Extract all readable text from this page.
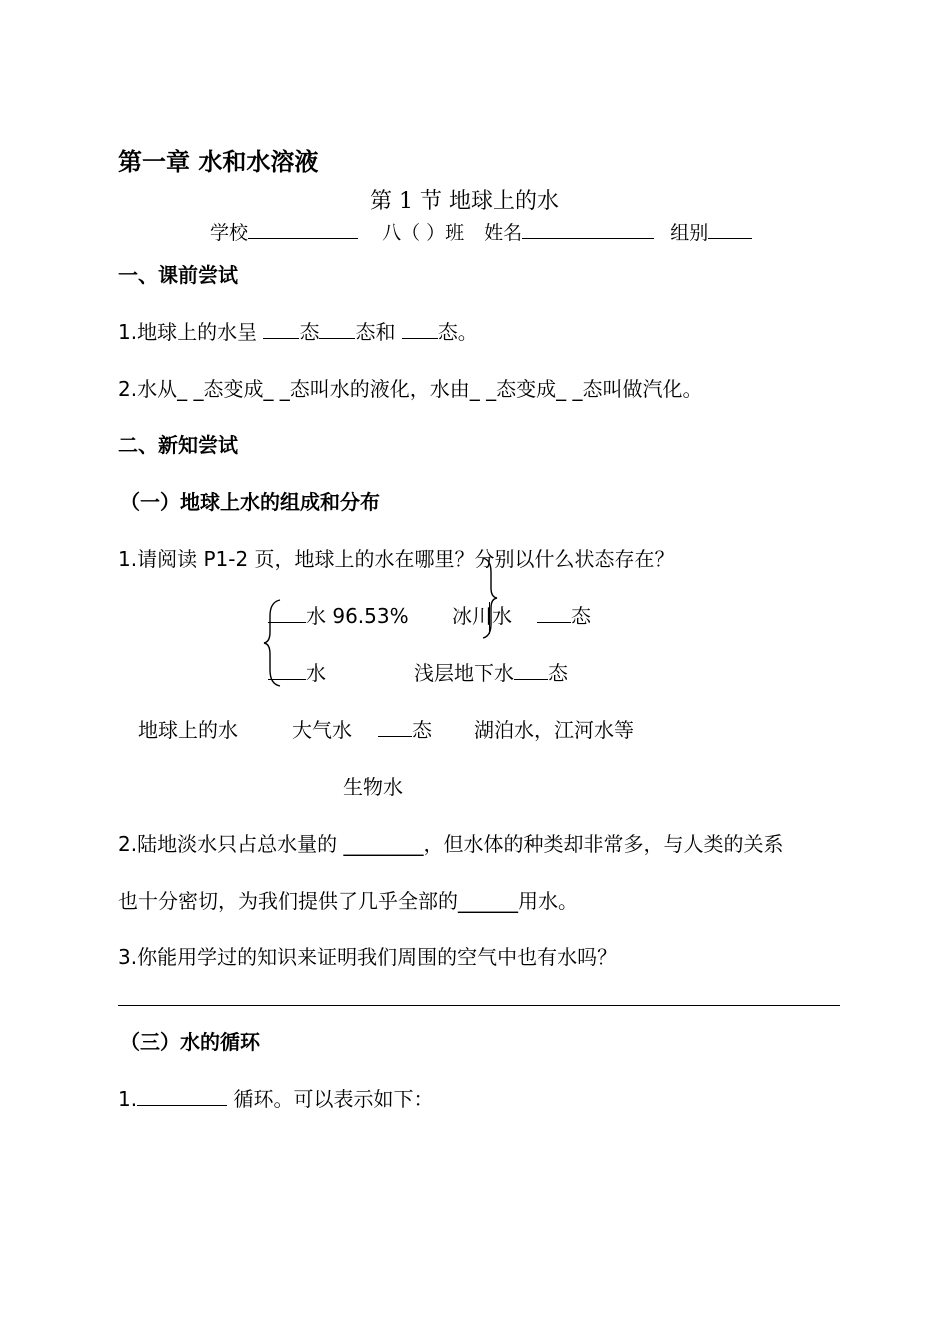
第一章 水和水溶液
第 1 节 地球上的水
学校	八（ ）班 姓名	组别
一、课前尝试
1.地球上的水呈 态 态和 态。
2.水从_ _态变成_ _态叫水的液化，水由_ _态变成_ _态叫做汽化。
二、新知尝试
（一）地球上水的组成和分布
1.请阅读 P1-2 页，地球上的水在哪里？分别以什么状态存在？
水 96.53% 冰川水	态
水	浅层地下水 态
地球上的水	大气水	态 湖泊水，江河水等
生物水
2.陆地淡水只占总水量的 ________，但水体的种类却非常多，与人类的关系
也十分密切，为我们提供了几乎全部的______用水。
3.你能用学过的知识来证明我们周围的空气中也有水吗？
（三）水的循环
1.	循环。可以表示如下：
